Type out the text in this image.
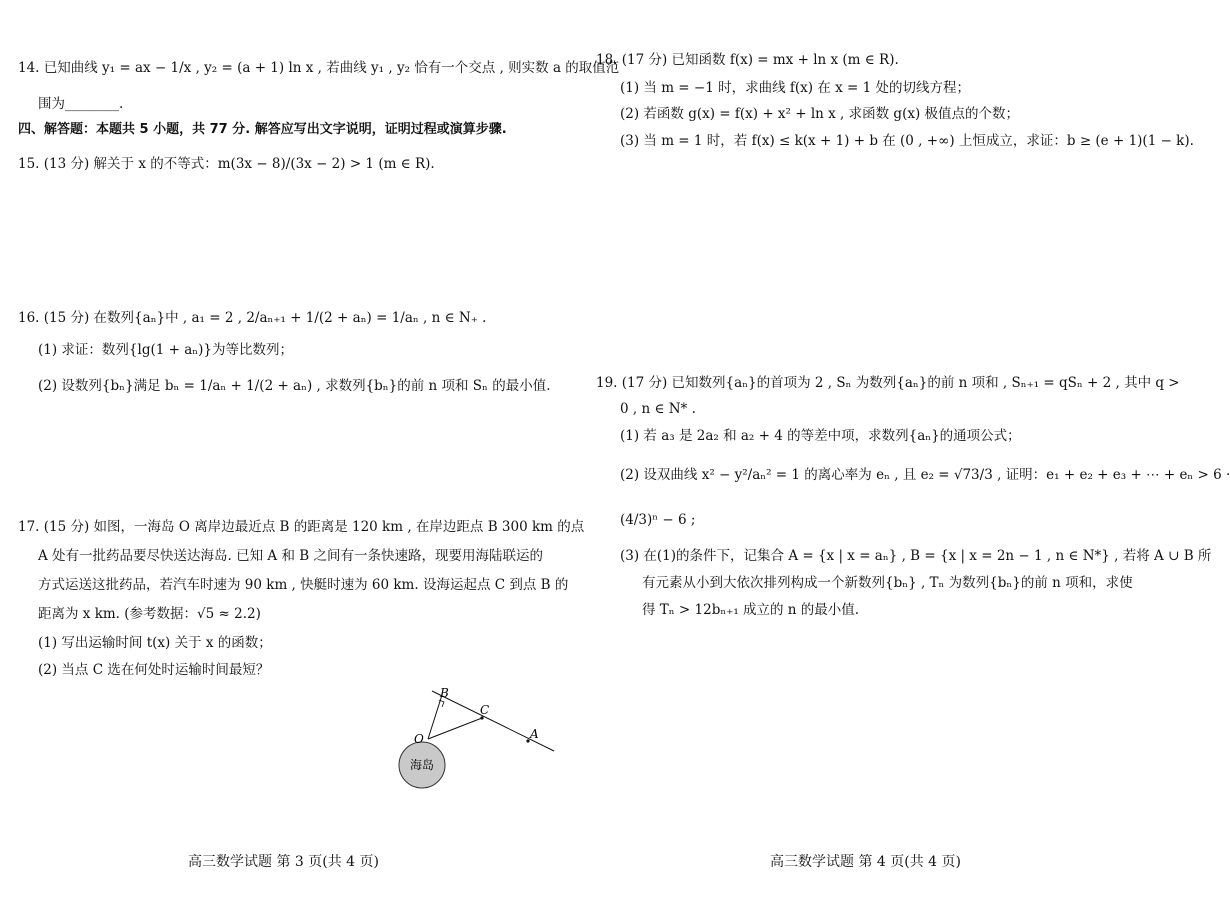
14. 已知曲线 y₁ = ax − 1/x , y₂ = (a + 1) ln x , 若曲线 y₁ , y₂ 恰有一个交点 , 则实数 a 的取值范
围为________.
四、解答题：本题共 5 小题，共 77 分. 解答应写出文字说明，证明过程或演算步骤.
15. (13 分) 解关于 x 的不等式：m(3x − 8)/(3x − 2) > 1 (m ∈ R).
16. (15 分) 在数列{aₙ}中 , a₁ = 2 , 2/aₙ₊₁ + 1/(2 + aₙ) = 1/aₙ , n ∈ N₊ .
(1) 求证：数列{lg(1 + aₙ)}为等比数列；
(2) 设数列{bₙ}满足 bₙ = 1/aₙ + 1/(2 + aₙ) , 求数列{bₙ}的前 n 项和 Sₙ 的最小值.
17. (15 分) 如图，一海岛 O 离岸边最近点 B 的距离是 120 km , 在岸边距点 B 300 km 的点
A 处有一批药品要尽快送达海岛. 已知 A 和 B 之间有一条快速路，现要用海陆联运的
方式运送这批药品，若汽车时速为 90 km , 快艇时速为 60 km. 设海运起点 C 到点 B 的
距离为 x km. (参考数据：√5 ≈ 2.2)
(1) 写出运输时间 t(x) 关于 x 的函数；
(2) 当点 C 选在何处时运输时间最短？
B
C
A
O
海岛
高三数学试题 第 3 页(共 4 页)
18. (17 分) 已知函数 f(x) = mx + ln x (m ∈ R).
(1) 当 m = −1 时，求曲线 f(x) 在 x = 1 处的切线方程；
(2) 若函数 g(x) = f(x) + x² + ln x , 求函数 g(x) 极值点的个数；
(3) 当 m = 1 时，若 f(x) ≤ k(x + 1) + b 在 (0 , +∞) 上恒成立，求证：b ≥ (e + 1)(1 − k).
19. (17 分) 已知数列{aₙ}的首项为 2 , Sₙ 为数列{aₙ}的前 n 项和 , Sₙ₊₁ = qSₙ + 2 , 其中 q >
0 , n ∈ N* .
(1) 若 a₃ 是 2a₂ 和 a₂ + 4 的等差中项，求数列{aₙ}的通项公式；
(2) 设双曲线 x² − y²/aₙ² = 1 的离心率为 eₙ , 且 e₂ = √73/3 , 证明：e₁ + e₂ + e₃ + ⋯ + eₙ > 6 ·
(4/3)ⁿ − 6 ;
(3) 在(1)的条件下，记集合 A = {x | x = aₙ} , B = {x | x = 2n − 1 , n ∈ N*} , 若将 A ∪ B 所
有元素从小到大依次排列构成一个新数列{bₙ} , Tₙ 为数列{bₙ}的前 n 项和，求使
得 Tₙ > 12bₙ₊₁ 成立的 n 的最小值.
高三数学试题 第 4 页(共 4 页)
